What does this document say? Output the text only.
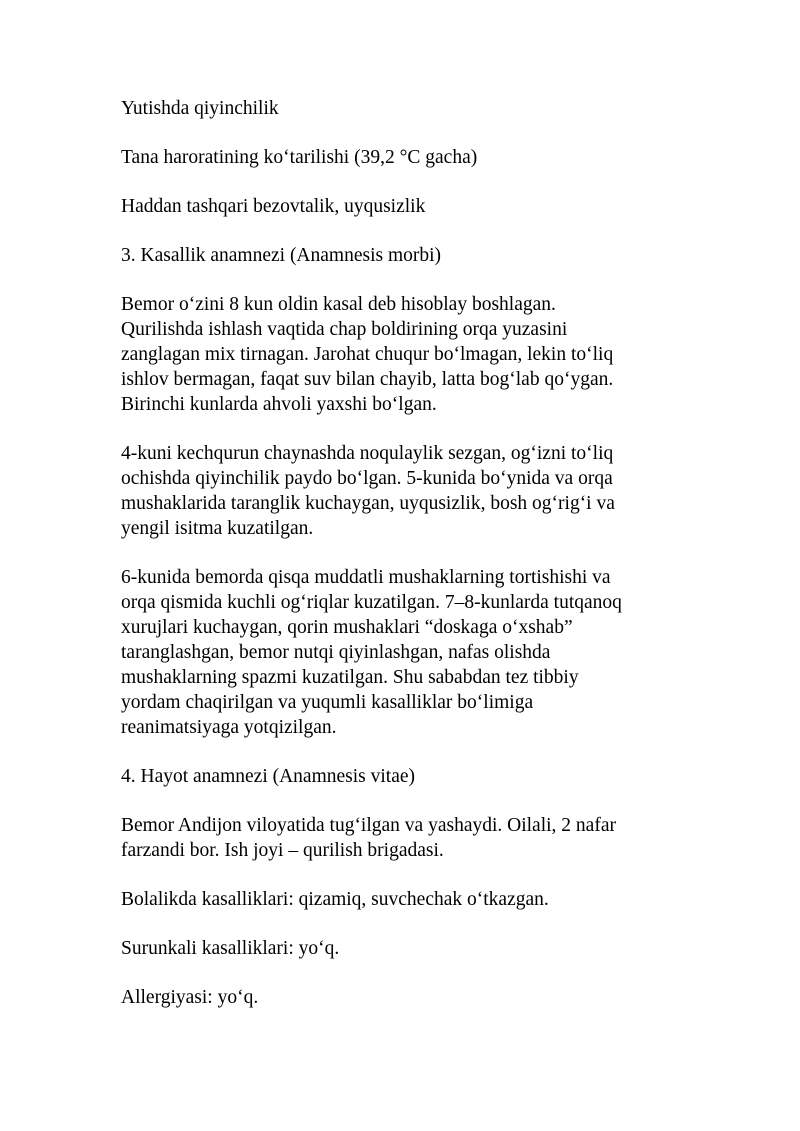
Yutishda qiyinchilik

Tana haroratining ko‘tarilishi (39,2 °C gacha)

Haddan tashqari bezovtalik, uyqusizlik

3. Kasallik anamnezi (Anamnesis morbi)

Bemor o‘zini 8 kun oldin kasal deb hisoblay boshlagan.
Qurilishda ishlash vaqtida chap boldirining orqa yuzasini
zanglagan mix tirnagan. Jarohat chuqur bo‘lmagan, lekin to‘liq
ishlov bermagan, faqat suv bilan chayib, latta bog‘lab qo‘ygan.
Birinchi kunlarda ahvoli yaxshi bo‘lgan.

4-kuni kechqurun chaynashda noqulaylik sezgan, og‘izni to‘liq
ochishda qiyinchilik paydo bo‘lgan. 5-kunida bo‘ynida va orqa
mushaklarida taranglik kuchaygan, uyqusizlik, bosh og‘rig‘i va
yengil isitma kuzatilgan.

6-kunida bemorda qisqa muddatli mushaklarning tortishishi va
orqa qismida kuchli og‘riqlar kuzatilgan. 7–8-kunlarda tutqanoq
xurujlari kuchaygan, qorin mushaklari “doskaga o‘xshab”
taranglashgan, bemor nutqi qiyinlashgan, nafas olishda
mushaklarning spazmi kuzatilgan. Shu sababdan tez tibbiy
yordam chaqirilgan va yuqumli kasalliklar bo‘limiga
reanimatsiyaga yotqizilgan.

4. Hayot anamnezi (Anamnesis vitae)

Bemor Andijon viloyatida tug‘ilgan va yashaydi. Oilali, 2 nafar
farzandi bor. Ish joyi – qurilish brigadasi.

Bolalikda kasalliklari: qizamiq, suvchechak o‘tkazgan.

Surunkali kasalliklari: yo‘q.

Allergiyasi: yo‘q.
